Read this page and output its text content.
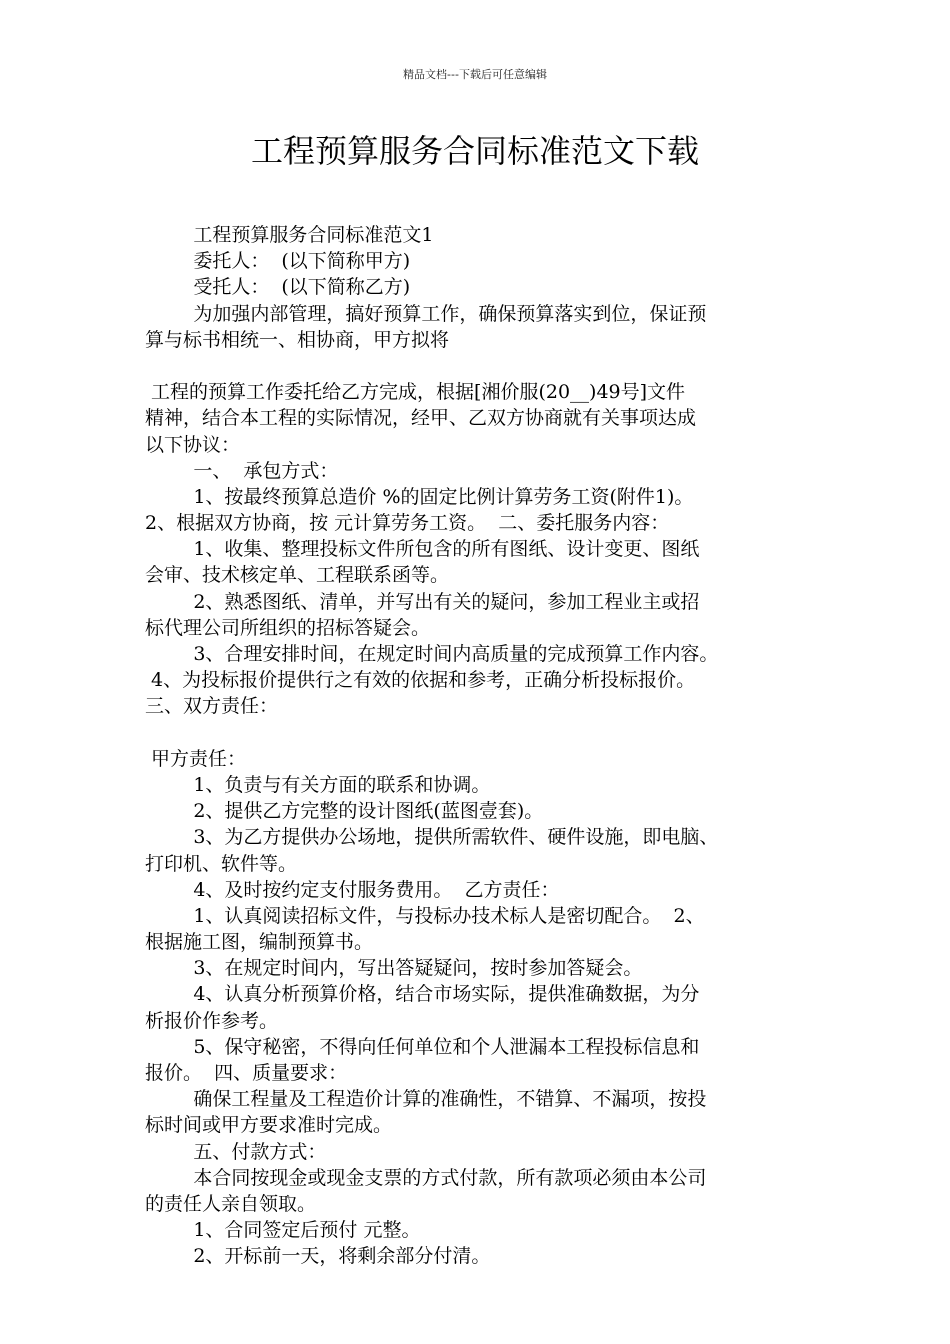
精品文档---下载后可任意编辑
工程预算服务合同标准范文下载
工程预算服务合同标准范文1
委托人：  (以下简称甲方)
受托人：  (以下简称乙方)
为加强内部管理，搞好预算工作，确保预算落实到位，保证预
算与标书相统一、相协商，甲方拟将
工程的预算工作委托给乙方完成，根据[湘价服(20__)49号]文件
精神，结合本工程的实际情况，经甲、乙双方协商就有关事项达成
以下协议：
一、  承包方式：
1、按最终预算总造价 %的固定比例计算劳务工资(附件1)。
2、根据双方协商，按 元计算劳务工资。  二、委托服务内容：
1、收集、整理投标文件所包含的所有图纸、设计变更、图纸
会审、技术核定单、工程联系函等。
2、熟悉图纸、清单，并写出有关的疑问，参加工程业主或招
标代理公司所组织的招标答疑会。
3、合理安排时间，在规定时间内高质量的完成预算工作内容。
4、为投标报价提供行之有效的依据和参考，正确分析投标报价。
三、双方责任：
甲方责任：
1、负责与有关方面的联系和协调。
2、提供乙方完整的设计图纸(蓝图壹套)。
3、为乙方提供办公场地，提供所需软件、硬件设施，即电脑、
打印机、软件等。
4、及时按约定支付服务费用。  乙方责任：
1、认真阅读招标文件，与投标办技术标人是密切配合。  2、
根据施工图，编制预算书。
3、在规定时间内，写出答疑疑问，按时参加答疑会。
4、认真分析预算价格，结合市场实际，提供准确数据，为分
析报价作参考。
5、保守秘密，不得向任何单位和个人泄漏本工程投标信息和
报价。  四、质量要求：
确保工程量及工程造价计算的准确性，不错算、不漏项，按投
标时间或甲方要求准时完成。
五、付款方式：
本合同按现金或现金支票的方式付款，所有款项必须由本公司
的责任人亲自领取。
1、合同签定后预付 元整。
2、开标前一天，将剩余部分付清。
